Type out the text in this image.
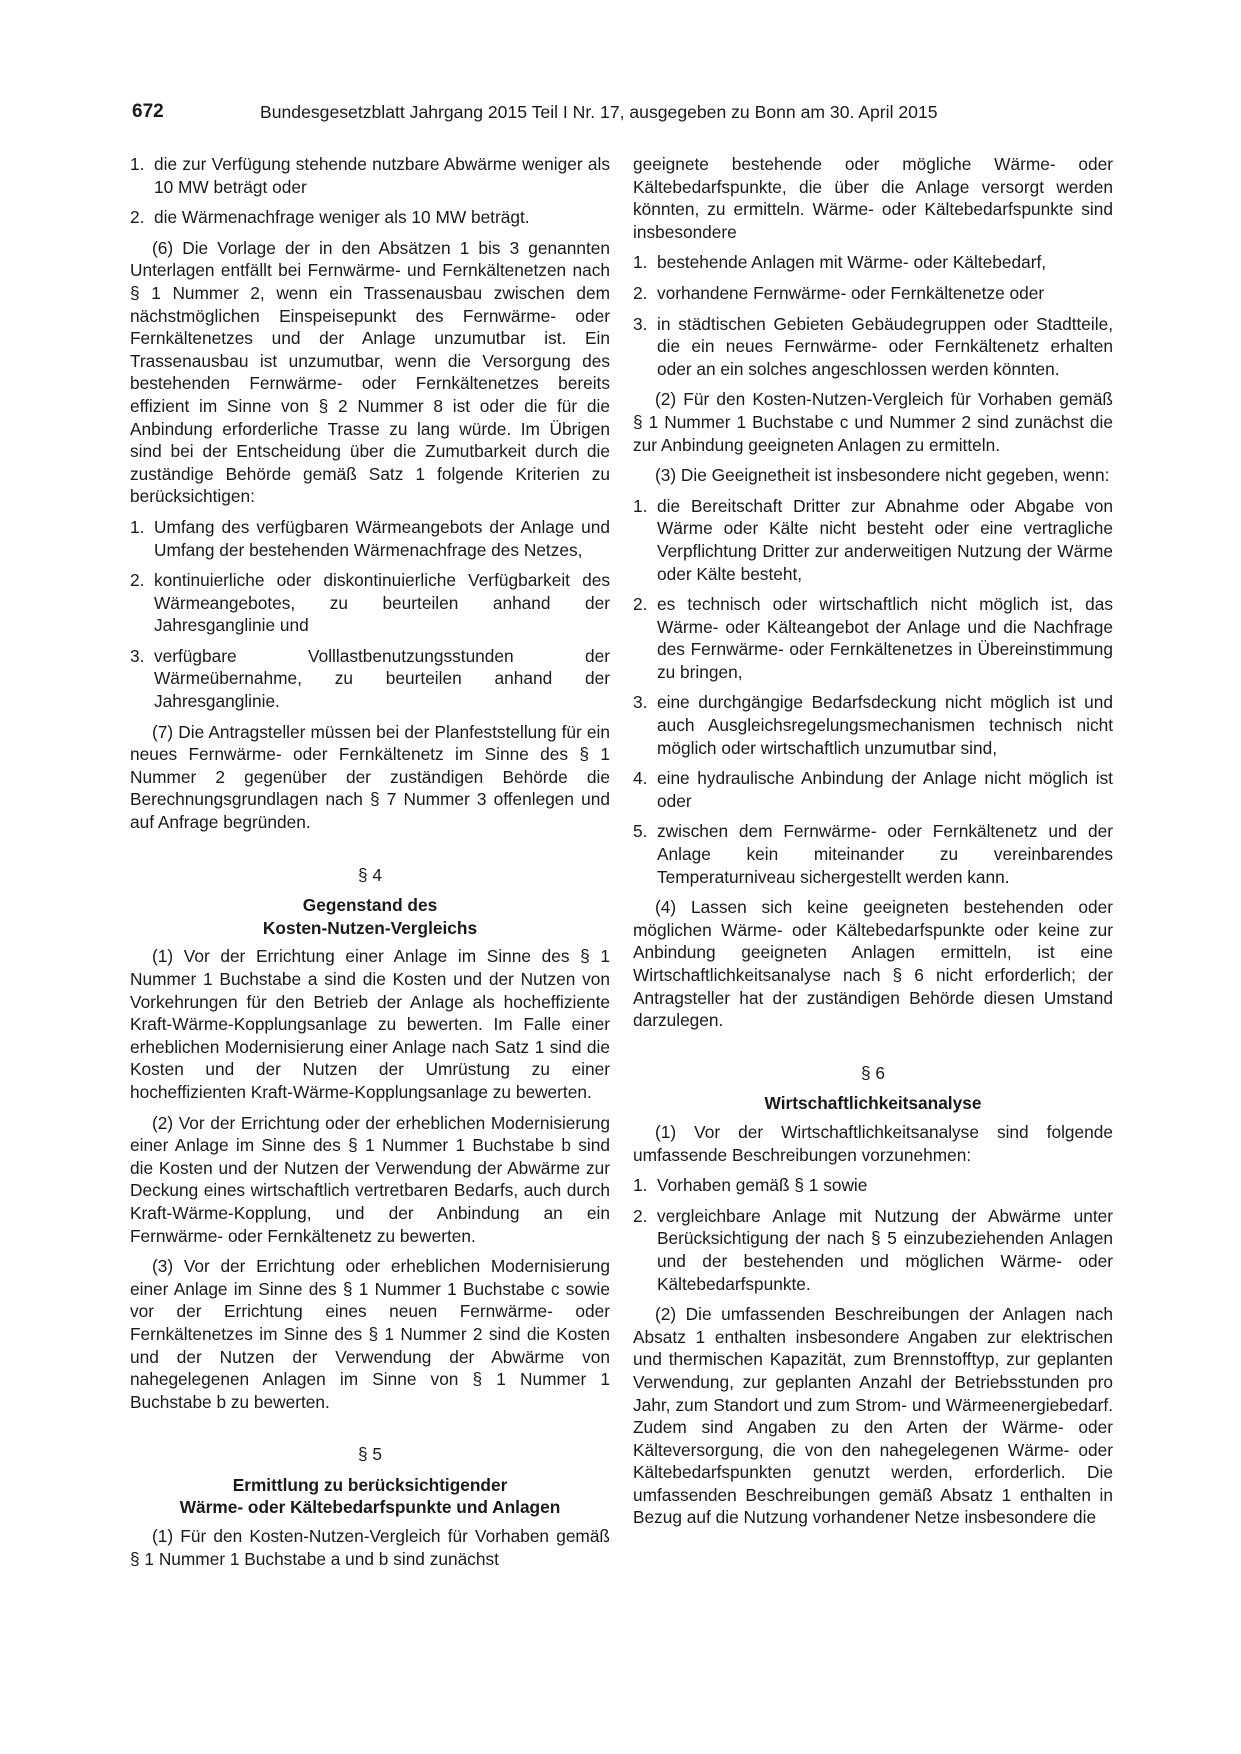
672	Bundesgesetzblatt Jahrgang 2015 Teil I Nr. 17, ausgegeben zu Bonn am 30. April 2015
1. die zur Verfügung stehende nutzbare Abwärme weniger als 10 MW beträgt oder
2. die Wärmenachfrage weniger als 10 MW beträgt.

(6) Die Vorlage der in den Absätzen 1 bis 3 genannten Unterlagen entfällt bei Fernwärme- und Fernkältenetzen nach § 1 Nummer 2, wenn ein Trassenausbau zwischen dem nächstmöglichen Einspeisepunkt des Fernwärme- oder Fernkältenetzes und der Anlage unzumutbar ist. Ein Trassenausbau ist unzumutbar, wenn die Versorgung des bestehenden Fernwärme- oder Fernkältenetzes bereits effizient im Sinne von § 2 Nummer 8 ist oder die für die Anbindung erforderliche Trasse zu lang würde. Im Übrigen sind bei der Entscheidung über die Zumutbarkeit durch die zuständige Behörde gemäß Satz 1 folgende Kriterien zu berücksichtigen:

1. Umfang des verfügbaren Wärmeangebots der Anlage und Umfang der bestehenden Wärmenachfrage des Netzes,
2. kontinuierliche oder diskontinuierliche Verfügbarkeit des Wärmeangebotes, zu beurteilen anhand der Jahresganglinie und
3. verfügbare Volllastbenutzungsstunden der Wärmeübernahme, zu beurteilen anhand der Jahresganglinie.

(7) Die Antragsteller müssen bei der Planfeststellung für ein neues Fernwärme- oder Fernkältenetz im Sinne des § 1 Nummer 2 gegenüber der zuständigen Behörde die Berechnungsgrundlagen nach § 7 Nummer 3 offenlegen und auf Anfrage begründen.

§ 4
Gegenstand des
Kosten-Nutzen-Vergleichs

(1) Vor der Errichtung einer Anlage im Sinne des § 1 Nummer 1 Buchstabe a sind die Kosten und der Nutzen von Vorkehrungen für den Betrieb der Anlage als hocheffiziente Kraft-Wärme-Kopplungsanlage zu bewerten. Im Falle einer erheblichen Modernisierung einer Anlage nach Satz 1 sind die Kosten und der Nutzen der Umrüstung zu einer hocheffizienten Kraft-Wärme-Kopplungsanlage zu bewerten.

(2) Vor der Errichtung oder der erheblichen Modernisierung einer Anlage im Sinne des § 1 Nummer 1 Buchstabe b sind die Kosten und der Nutzen der Verwendung der Abwärme zur Deckung eines wirtschaftlich vertretbaren Bedarfs, auch durch Kraft-Wärme-Kopplung, und der Anbindung an ein Fernwärme- oder Fernkältenetz zu bewerten.

(3) Vor der Errichtung oder erheblichen Modernisierung einer Anlage im Sinne des § 1 Nummer 1 Buchstabe c sowie vor der Errichtung eines neuen Fernwärme- oder Fernkältenetzes im Sinne des § 1 Nummer 2 sind die Kosten und der Nutzen der Verwendung der Abwärme von nahegelegenen Anlagen im Sinne von § 1 Nummer 1 Buchstabe b zu bewerten.

§ 5
Ermittlung zu berücksichtigender
Wärme- oder Kältebedarfspunkte und Anlagen

(1) Für den Kosten-Nutzen-Vergleich für Vorhaben gemäß § 1 Nummer 1 Buchstabe a und b sind zunächst

geeignete bestehende oder mögliche Wärme- oder Kältebedarfspunkte, die über die Anlage versorgt werden könnten, zu ermitteln. Wärme- oder Kältebedarfspunkte sind insbesondere

1. bestehende Anlagen mit Wärme- oder Kältebedarf,
2. vorhandene Fernwärme- oder Fernkältenetze oder
3. in städtischen Gebieten Gebäudegruppen oder Stadtteile, die ein neues Fernwärme- oder Fernkältenetz erhalten oder an ein solches angeschlossen werden könnten.

(2) Für den Kosten-Nutzen-Vergleich für Vorhaben gemäß § 1 Nummer 1 Buchstabe c und Nummer 2 sind zunächst die zur Anbindung geeigneten Anlagen zu ermitteln.

(3) Die Geeignetheit ist insbesondere nicht gegeben, wenn:

1. die Bereitschaft Dritter zur Abnahme oder Abgabe von Wärme oder Kälte nicht besteht oder eine vertragliche Verpflichtung Dritter zur anderweitigen Nutzung der Wärme oder Kälte besteht,
2. es technisch oder wirtschaftlich nicht möglich ist, das Wärme- oder Kälteangebot der Anlage und die Nachfrage des Fernwärme- oder Fernkältenetzes in Übereinstimmung zu bringen,
3. eine durchgängige Bedarfsdeckung nicht möglich ist und auch Ausgleichsregelungsmechanismen technisch nicht möglich oder wirtschaftlich unzumutbar sind,
4. eine hydraulische Anbindung der Anlage nicht möglich ist oder
5. zwischen dem Fernwärme- oder Fernkältenetz und der Anlage kein miteinander zu vereinbarendes Temperaturniveau sichergestellt werden kann.

(4) Lassen sich keine geeigneten bestehenden oder möglichen Wärme- oder Kältebedarfspunkte oder keine zur Anbindung geeigneten Anlagen ermitteln, ist eine Wirtschaftlichkeitsanalyse nach § 6 nicht erforderlich; der Antragsteller hat der zuständigen Behörde diesen Umstand darzulegen.

§ 6
Wirtschaftlichkeitsanalyse

(1) Vor der Wirtschaftlichkeitsanalyse sind folgende umfassende Beschreibungen vorzunehmen:

1. Vorhaben gemäß § 1 sowie
2. vergleichbare Anlage mit Nutzung der Abwärme unter Berücksichtigung der nach § 5 einzubeziehenden Anlagen und der bestehenden und möglichen Wärme- oder Kältebedarfspunkte.

(2) Die umfassenden Beschreibungen der Anlagen nach Absatz 1 enthalten insbesondere Angaben zur elektrischen und thermischen Kapazität, zum Brennstofftyp, zur geplanten Verwendung, zur geplanten Anzahl der Betriebsstunden pro Jahr, zum Standort und zum Strom- und Wärmeenergiebedarf. Zudem sind Angaben zu den Arten der Wärme- oder Kälteversorgung, die von den nahegelegenen Wärme- oder Kältebedarfspunkten genutzt werden, erforderlich. Die umfassenden Beschreibungen gemäß Absatz 1 enthalten in Bezug auf die Nutzung vorhandener Netze insbesondere die
